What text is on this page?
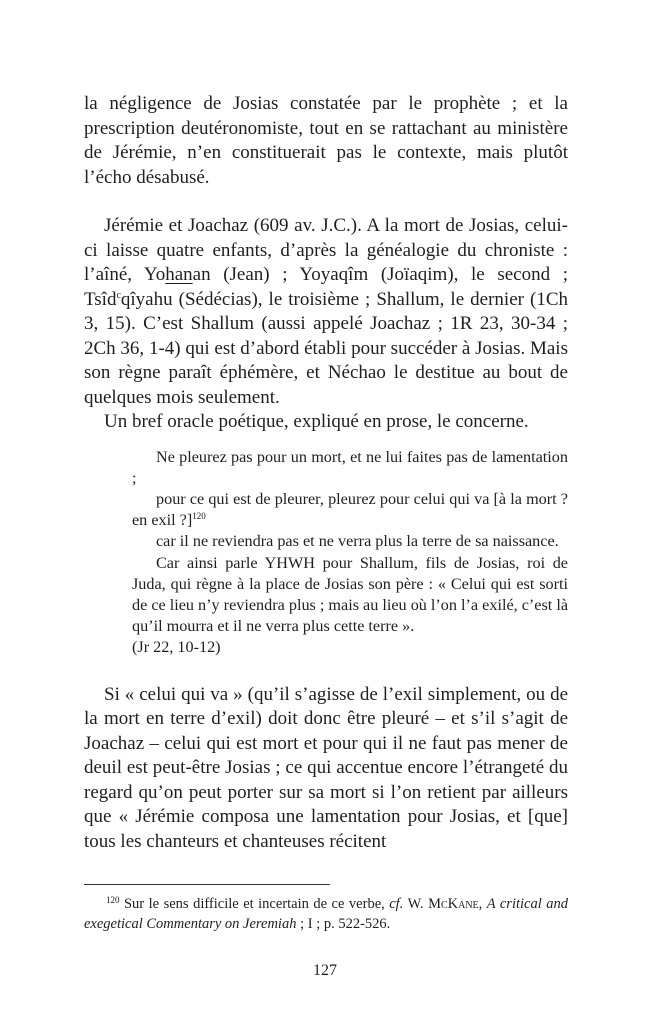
la négligence de Josias constatée par le prophète ; et la prescription deutéronomiste, tout en se rattachant au ministère de Jérémie, n’en constituerait pas le contexte, mais plutôt l’écho désabusé.

Jérémie et Joachaz (609 av. J.C.). A la mort de Josias, celui-ci laisse quatre enfants, d’après la généalogie du chroniste : l’aîné, Yohanan (Jean) ; Yoyaqîm (Joïaqim), le second ; Tsîd$^c$qîyahu (Sédécias), le troisième ; Shallum, le dernier (1Ch 3, 15). C’est Shallum (aussi appelé Joachaz ; 1R 23, 30-34 ; 2Ch 36, 1-4) qui est d’abord établi pour succéder à Josias. Mais son règne paraît éphémère, et Néchao le destitue au bout de quelques mois seulement.

Un bref oracle poétique, expliqué en prose, le concerne.

Ne pleurez pas pour un mort, et ne lui faites pas de lamentation ;

pour ce qui est de pleurer, pleurez pour celui qui va [à la mort ? en exil ?]$^{120}$

car il ne reviendra pas et ne verra plus la terre de sa naissance.

Car ainsi parle YHWH pour Shallum, fils de Josias, roi de Juda, qui règne à la place de Josias son père : « Celui qui est sorti de ce lieu n’y reviendra plus ; mais au lieu où l’on l’a exilé, c’est là qu’il mourra et il ne verra plus cette terre ».

(Jr 22, 10-12)

Si « celui qui va » (qu’il s’agisse de l’exil simplement, ou de la mort en terre d’exil) doit donc être pleuré – et s’il s’agit de Joachaz – celui qui est mort et pour qui il ne faut pas mener de deuil est peut-être Josias ; ce qui accentue encore l’étrangeté du regard qu’on peut porter sur sa mort si l’on retient par ailleurs que « Jérémie composa une lamentation pour Josias, et [que] tous les chanteurs et chanteuses récitent

$^{120}$ Sur le sens difficile et incertain de ce verbe, cf. W. McKane, A critical and exegetical Commentary on Jeremiah ; I ; p. 522-526.

127
